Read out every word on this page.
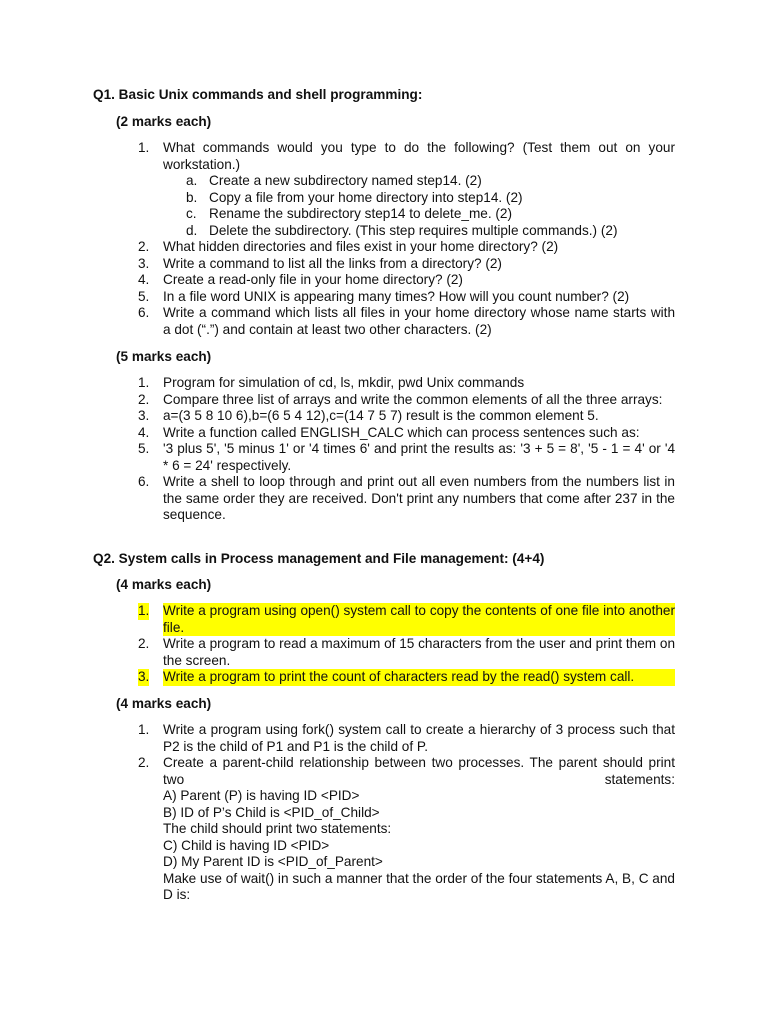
Q1. Basic Unix commands and shell programming:
(2 marks each)
1. What commands would you type to do the following? (Test them out on your workstation.)
a. Create a new subdirectory named step14. (2)
b. Copy a file from your home directory into step14. (2)
c. Rename the subdirectory step14 to delete_me. (2)
d. Delete the subdirectory. (This step requires multiple commands.) (2)
2. What hidden directories and files exist in your home directory? (2)
3. Write a command to list all the links from a directory? (2)
4. Create a read-only file in your home directory? (2)
5. In a file word UNIX is appearing many times? How will you count number? (2)
6. Write a command which lists all files in your home directory whose name starts with a dot (“.”) and contain at least two other characters. (2)
(5 marks each)
1. Program for simulation of cd, ls, mkdir, pwd Unix commands
2. Compare three list of arrays and write the common elements of all the three arrays:
3. a=(3 5 8 10 6),b=(6 5 4 12),c=(14 7 5 7) result is the common element 5.
4. Write a function called ENGLISH_CALC which can process sentences such as:
5. '3 plus 5', '5 minus 1' or '4 times 6' and print the results as: '3 + 5 = 8', '5 - 1 = 4' or '4 * 6 = 24' respectively.
6. Write a shell to loop through and print out all even numbers from the numbers list in the same order they are received. Don't print any numbers that come after 237 in the sequence.
Q2. System calls in Process management and File management: (4+4)
(4 marks each)
1. Write a program using open() system call to copy the contents of one file into another file.
2. Write a program to read a maximum of 15 characters from the user and print them on the screen.
3. Write a program to print the count of characters read by the read() system call.
(4 marks each)
1. Write a program using fork() system call to create a hierarchy of 3 process such that P2 is the child of P1 and P1 is the child of P.
2. Create a parent-child relationship between two processes. The parent should print two statements:
A) Parent (P) is having ID <PID>
B) ID of P’s Child is <PID_of_Child>
The child should print two statements:
C) Child is having ID <PID>
D) My Parent ID is <PID_of_Parent>
Make use of wait() in such a manner that the order of the four statements A, B, C and D is:
